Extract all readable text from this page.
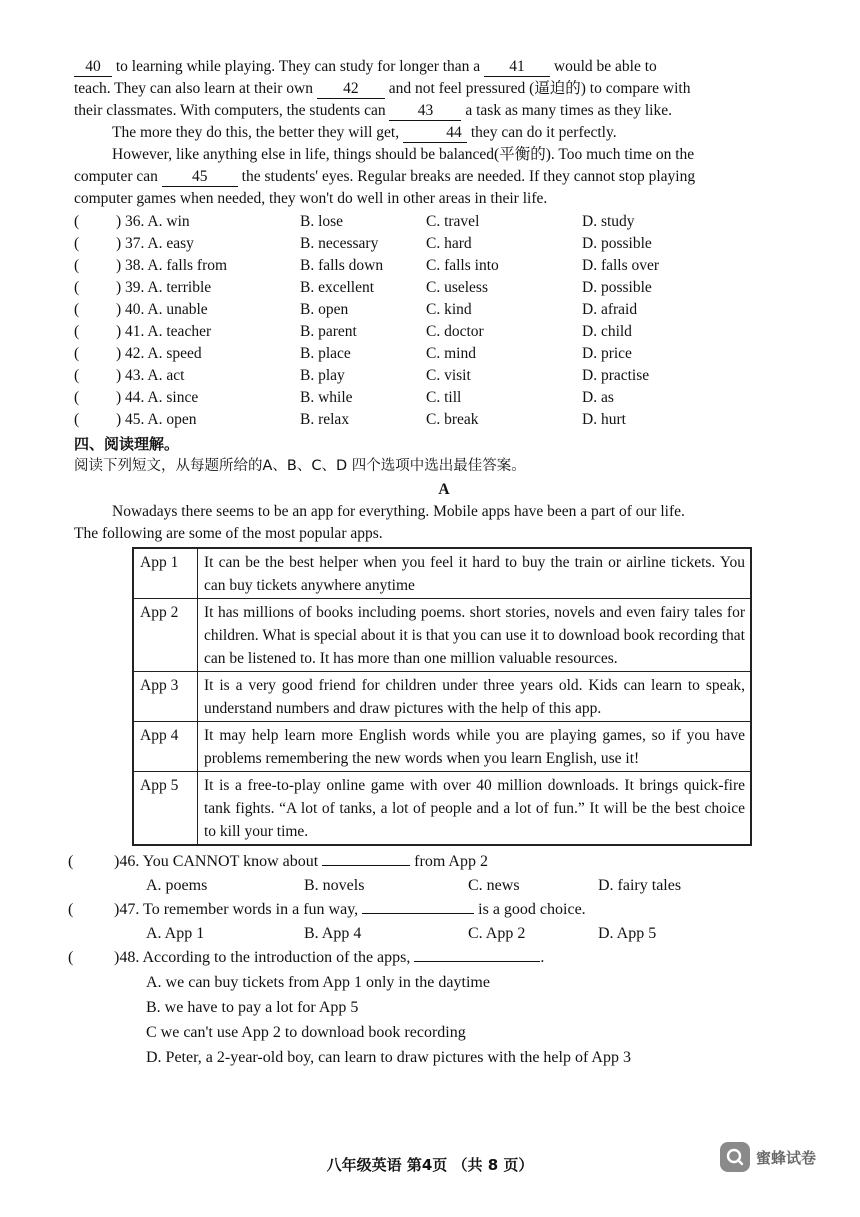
40 to learning while playing. They can study for longer than a 41 would be able to

teach. They can also learn at their own 42 and not feel pressured (逼迫的) to compare with

their classmates. With computers, the students can 43 a task as many times as they like.

The more they do this, the better they will get,	44 they can do it perfectly.

However, like anything else in life, things should be balanced(平衡的). Too much time on the

computer can 45 the students' eyes. Regular breaks are needed. If they cannot stop playing

computer games when needed, they won't do well in other areas in their life.

(	) 36. A. win	B. lose	C. travel	D. study
(	) 37. A. easy	B. necessary	C. hard	D. possible
(	) 38. A. falls from	B. falls down	C. falls into	D. falls over
(	) 39. A. terrible	B. excellent	C. useless	D. possible
(	) 40. A. unable	B. open	C. kind	D. afraid
(	) 41. A. teacher	B. parent	C. doctor	D. child
(	) 42. A. speed	B. place	C. mind	D. price
(	) 43. A. act	B. play	C. visit	D. practise
(	) 44. A. since	B. while	C. till	D. as
(	) 45. A. open	B. relax	C. break	D. hurt
四、阅读理解。
阅读下列短文，从每题所给的A、B、C、D 四个选项中选出最佳答案。
A

Nowadays there seems to be an app for everything. Mobile apps have been a part of our life.

The following are some of the most popular apps.

App 1	It can be the best helper when you feel it hard to buy the train or airline tickets. You can buy tickets anywhere anytime
App 2	It has millions of books including poems. short stories, novels and even fairy tales for children. What is special about it is that you can use it to download book recording that can be listened to. It has more than one million valuable resources.
App 3	It is a very good friend for children under three years old. Kids can learn to speak, understand numbers and draw pictures with the help of this app.
App 4	It may help learn more English words while you are playing games, so if you have problems remembering the new words when you learn English, use it!
App 5	It is a free-to-play online game with over 40 million downloads. It brings quick-fire tank fights. “A lot of tanks, a lot of people and a lot of fun.” It will be the best choice to kill your time.
(	)46. You CANNOT know about	from App 2
A. poems	B. novels	C. news	D. fairy tales
(	)47. To remember words in a fun way,	is a good choice.
A. App 1	B. App 4	C. App 2	D. App 5
(	)48. According to the introduction of the apps,	.
A. we can buy tickets from App 1 only in the daytime
B. we have to pay a lot for App 5
C we can't use App 2 to download book recording
D. Peter, a 2-year-old boy, can learn to draw pictures with the help of App 3
八年级英语 第4页 （共 8 页）	蜜蜂试卷
